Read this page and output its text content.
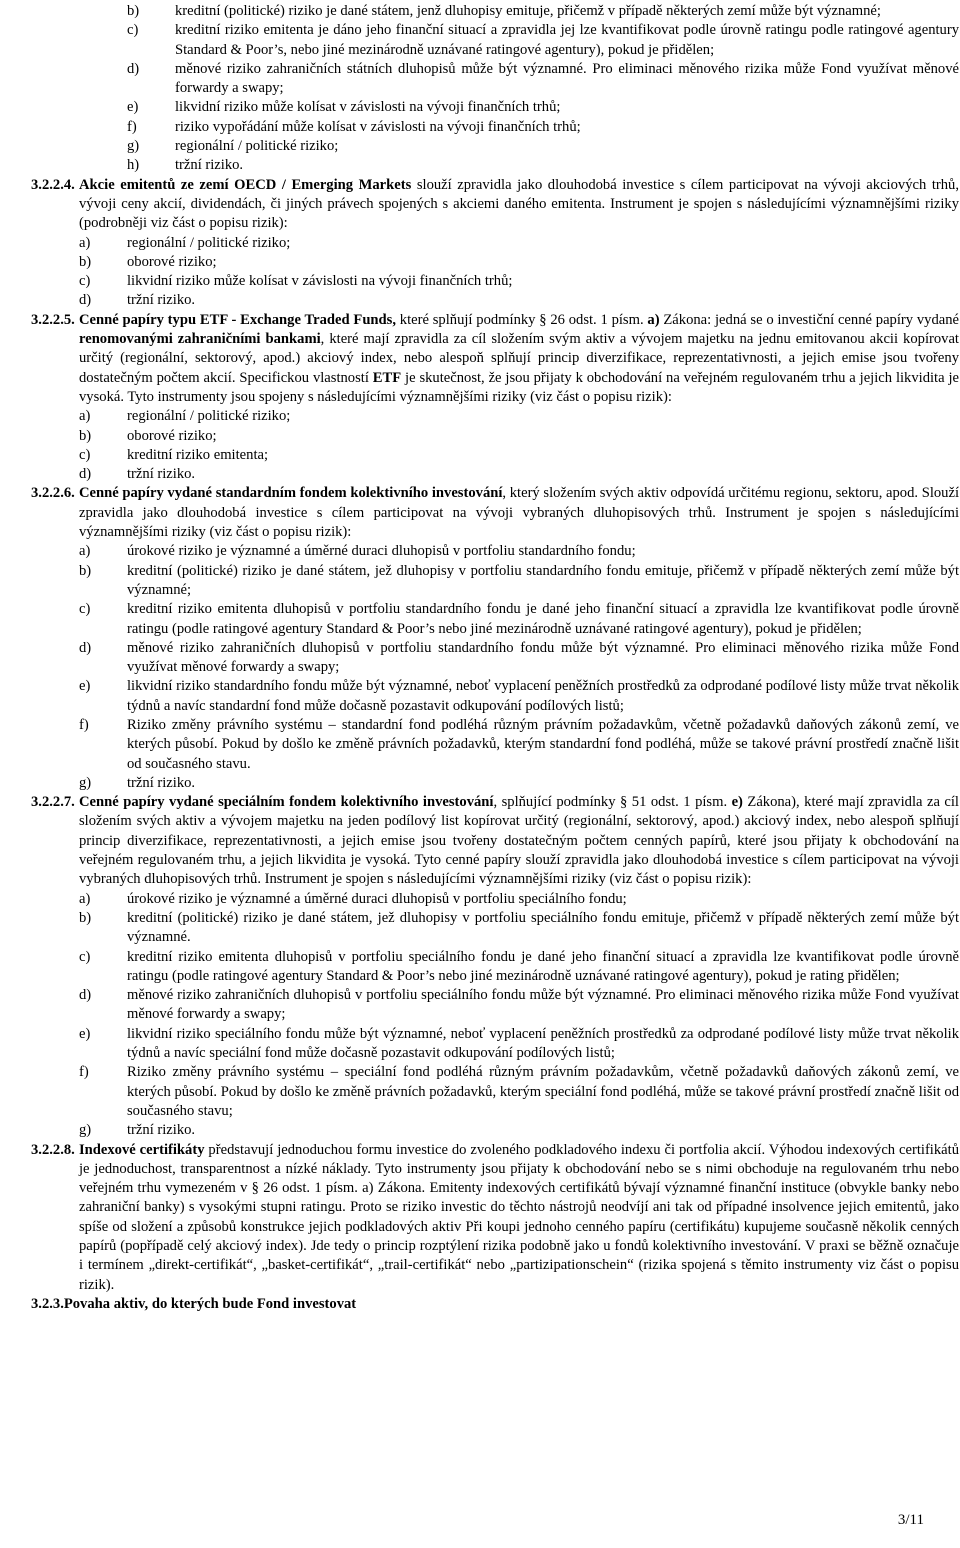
b)	kreditní (politické) riziko je dané státem, jenž dluhopisy emituje, přičemž v případě některých zemí může být významné;
c)	kreditní riziko emitenta je dáno jeho finanční situací a zpravidla jej lze kvantifikovat podle úrovně ratingu podle ratingové agentury Standard & Poor’s, nebo jiné mezinárodně uznávané ratingové agentury), pokud je přidělen;
d)	měnové riziko zahraničních státních dluhopisů může být významné. Pro eliminaci měnového rizika může Fond využívat měnové forwardy a swapy;
e)	likvidní riziko může kolísat v závislosti na vývoji finančních trhů;
f)	riziko vypořádání může kolísat v závislosti na vývoji finančních trhů;
g)	regionální / politické riziko;
h)	tržní riziko.
3.2.2.4. Akcie emitentů ze zemí OECD / Emerging Markets slouží zpravidla jako dlouhodobá investice s cílem participovat na vývoji akciových trhů, vývoji ceny akcií, dividendách, či jiných právech spojených s akciemi daného emitenta. Instrument je spojen s následujícími významnějšími riziky (podrobněji viz část o popisu rizik):
a)	regionální / politické riziko;
b)	oborové riziko;
c)	likvidní riziko může kolísat v závislosti na vývoji finančních trhů;
d)	tržní riziko.
3.2.2.5. Cenné papíry typu ETF - Exchange Traded Funds, které splňují podmínky § 26 odst. 1 písm. a) Zákona: jedná se o investiční cenné papíry vydané renomovanými zahraničními bankami, které mají zpravidla za cíl složením svým aktiv a vývojem majetku na jednu emitovanou akcii kopírovat určitý (regionální, sektorový, apod.) akciový index, nebo alespoň splňují princip diverzifikace, reprezentativnosti, a jejich emise jsou tvořeny dostatečným počtem akcií. Specifickou vlastností ETF je skutečnost, že jsou přijaty k obchodování na veřejném regulovaném trhu a jejich likvidita je vysoká. Tyto instrumenty jsou spojeny s následujícími významnějšími riziky (viz část o popisu rizik):
a)	regionální / politické riziko;
b)	oborové riziko;
c)	kreditní riziko emitenta;
d)	tržní riziko.
3.2.2.6. Cenné papíry vydané standardním fondem kolektivního investování, který složením svých aktiv odpovídá určitému regionu, sektoru, apod. Slouží zpravidla jako dlouhodobá investice s cílem participovat na vývoji vybraných dluhopisových trhů. Instrument je spojen s následujícími významnějšími riziky (viz část o popisu rizik):
a)	úrokové riziko je významné a úměrné duraci dluhopisů v portfoliu standardního fondu;
b)	kreditní (politické) riziko je dané státem, jež dluhopisy v portfoliu standardního fondu emituje, přičemž v případě některých zemí může být významné;
c)	kreditní riziko emitenta dluhopisů v portfoliu standardního fondu je dané jeho finanční situací a zpravidla lze kvantifikovat podle úrovně ratingu (podle ratingové agentury Standard & Poor’s nebo jiné mezinárodně uznávané ratingové agentury), pokud je přidělen;
d)	měnové riziko zahraničních dluhopisů v portfoliu standardního fondu může být významné. Pro eliminaci měnového rizika může Fond využívat měnové forwardy a swapy;
e)	likvidní riziko standardního fondu může být významné, neboť vyplacení peněžních prostředků za odprodané podílové listy může trvat několik týdnů a navíc standardní fond může dočasně pozastavit odkupování podílových listů;
f)	Riziko změny právního systému – standardní fond podléhá různým právním požadavkům, včetně požadavků daňových zákonů zemí, ve kterých působí. Pokud by došlo ke změně právních požadavků, kterým standardní fond podléhá, může se takové právní prostředí značně lišit od současného stavu.
g)	tržní riziko.
3.2.2.7. Cenné papíry vydané speciálním fondem kolektivního investování, splňující podmínky § 51 odst. 1 písm. e) Zákona), které mají zpravidla za cíl složením svých aktiv a vývojem majetku na jeden podílový list kopírovat určitý (regionální, sektorový, apod.) akciový index, nebo alespoň splňují princip diverzifikace, reprezentativnosti, a jejich emise jsou tvořeny dostatečným počtem cenných papírů, které jsou přijaty k obchodování na veřejném regulovaném trhu, a jejich likvidita je vysoká. Tyto cenné papíry slouží zpravidla jako dlouhodobá investice s cílem participovat na vývoji vybraných dluhopisových trhů. Instrument je spojen s následujícími významnějšími riziky (viz část o popisu rizik):
a)	úrokové riziko je významné a úměrné duraci dluhopisů v portfoliu speciálního fondu;
b)	kreditní (politické) riziko je dané státem, jež dluhopisy v portfoliu speciálního fondu emituje, přičemž v případě některých zemí může být významné.
c)	kreditní riziko emitenta dluhopisů v portfoliu speciálního fondu je dané jeho finanční situací a zpravidla lze kvantifikovat podle úrovně ratingu (podle ratingové agentury Standard & Poor’s nebo jiné mezinárodně uznávané ratingové agentury), pokud je rating přidělen;
d)	měnové riziko zahraničních dluhopisů v portfoliu speciálního fondu může být významné. Pro eliminaci měnového rizika může Fond využívat měnové forwardy a swapy;
e)	likvidní riziko speciálního fondu může být významné, neboť vyplacení peněžních prostředků za odprodané podílové listy může trvat několik týdnů a navíc speciální fond může dočasně pozastavit odkupování podílových listů;
f)	Riziko změny právního systému – speciální fond podléhá různým právním požadavkům, včetně požadavků daňových zákonů zemí, ve kterých působí. Pokud by došlo ke změně právních požadavků, kterým speciální fond podléhá, může se takové právní prostředí značně lišit od současného stavu;
g)	tržní riziko.
3.2.2.8. Indexové certifikáty představují jednoduchou formu investice do zvoleného podkladového indexu či portfolia akcií. Výhodou indexových certifikátů je jednoduchost, transparentnost a nízké náklady. Tyto instrumenty jsou přijaty k obchodování nebo se s nimi obchoduje na regulovaném trhu nebo veřejném trhu vymezeném v § 26 odst. 1 písm. a) Zákona. Emitenty indexových certifikátů bývají významné finanční instituce (obvykle banky nebo zahraniční banky) s vysokými stupni ratingu. Proto se riziko investic do těchto nástrojů neodvíjí ani tak od případné insolvence jejich emitentů, jako spíše od složení a způsobů konstrukce jejich podkladových aktiv Při koupi jednoho cenného papíru (certifikátu) kupujeme současně několik cenných papírů (popřípadě celý akciový index). Jde tedy o princip rozptýlení rizika podobně jako u fondů kolektivního investování. V praxi se běžně označuje i termínem „direkt-certifikát“, „basket-certifikát“, „trail-certifikát“ nebo „partizipationschein“ (rizika spojená s těmito instrumenty viz část o popisu rizik).
3.2.3. Povaha aktiv, do kterých bude Fond investovat
3/11
